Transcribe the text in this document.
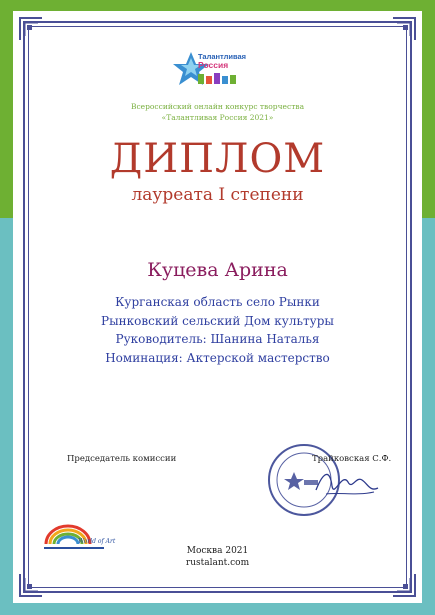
Талантливая
Россия
Всероссийский онлайн конкурс творчества
«Талантливая Россия 2021»
ДИПЛОМ
лауреата I степени
Куцева Арина
Курганская область село Рынки
Рынковский сельский Дом культуры
Руководитель: Шанина Наталья
Номинация: Актерской мастерство
Председатель комиссии	Трайковская С.Ф.
World of Art
Москва 2021
rustalant.com
